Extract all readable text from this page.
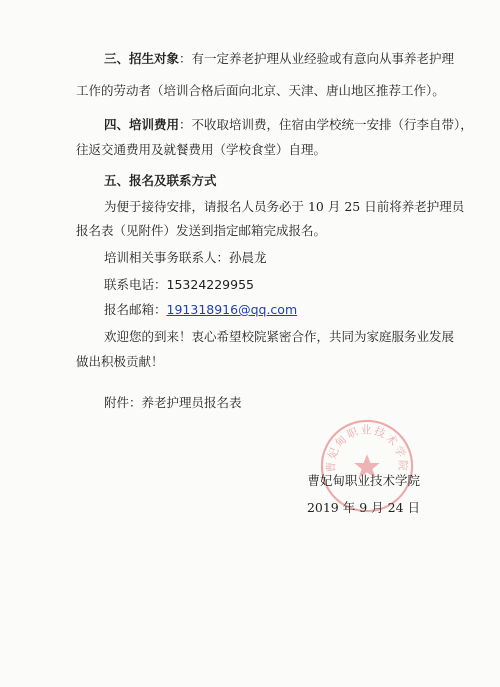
三、招生对象：有一定养老护理从业经验或有意向从事养老护理
工作的劳动者（培训合格后面向北京、天津、唐山地区推荐工作）。
四、培训费用：不收取培训费，住宿由学校统一安排（行李自带），
往返交通费用及就餐费用（学校食堂）自理。
五、报名及联系方式
为便于接待安排，请报名人员务必于 10 月 25 日前将养老护理员
报名表（见附件）发送到指定邮箱完成报名。
培训相关事务联系人：孙晨龙
联系电话：15324229955
报名邮箱：191318916@qq.com
欢迎您的到来！衷心希望校院紧密合作，共同为家庭服务业发展
做出积极贡献！
附件：养老护理员报名表
曹妃甸职业技术学院
曹妃甸职业技术学院
2019 年 9 月 24 日
